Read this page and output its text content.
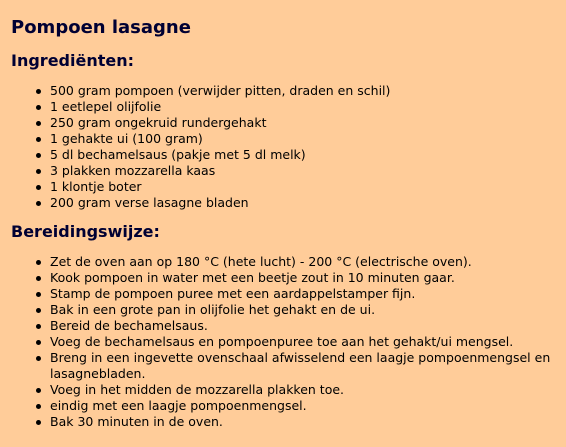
Pompoen lasagne
Ingrediënten:
500 gram pompoen (verwijder pitten, draden en schil)
1 eetlepel olijfolie
250 gram ongekruid rundergehakt
1 gehakte ui (100 gram)
5 dl bechamelsaus (pakje met 5 dl melk)
3 plakken mozzarella kaas
1 klontje boter
200 gram verse lasagne bladen
Bereidingswijze:
Zet de oven aan op 180 °C (hete lucht) - 200 °C (electrische oven).
Kook pompoen in water met een beetje zout in 10 minuten gaar.
Stamp de pompoen puree met een aardappelstamper fijn.
Bak in een grote pan in olijfolie het gehakt en de ui.
Bereid de bechamelsaus.
Voeg de bechamelsaus en pompoenpuree toe aan het gehakt/ui mengsel.
Breng in een ingevette ovenschaal afwisselend een laagje pompoenmengsel en lasagnebladen.
Voeg in het midden de mozzarella plakken toe.
eindig met een laagje pompoenmengsel.
Bak 30 minuten in de oven.
